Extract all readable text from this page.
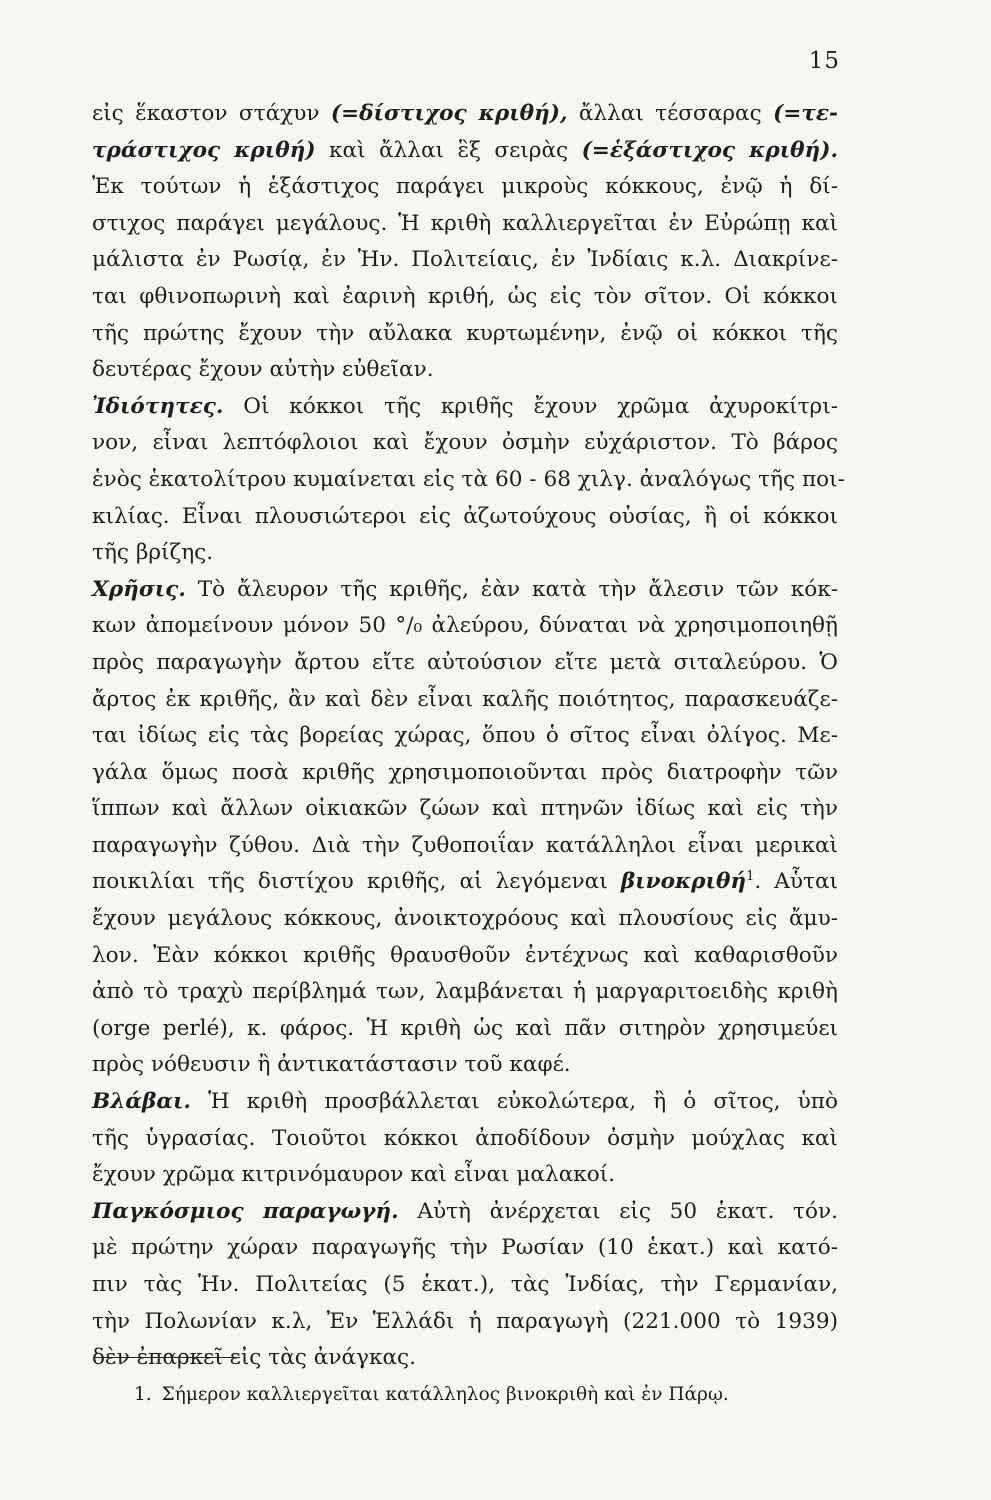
15
εἰς ἕκαστον στάχυν (=δίστιχος κριθή), ἄλλαι τέσσαρας (=τε-
τράστιχος κριθή) καὶ ἄλλαι ἓξ σειρὰς (=ἑξάστιχος κριθή).
Ἐκ τούτων ἡ ἑξάστιχος παράγει μικροὺς κόκκους, ἐνῷ ἡ δί-
στιχος παράγει μεγάλους. Ἡ κριθὴ καλλιεργεῖται ἐν Εὐρώπῃ καὶ
μάλιστα ἐν Ρωσίᾳ, ἐν Ἡν. Πολιτείαις, ἐν Ἰνδίαις κ.λ. Διακρίνε-
ται φθινοπωρινὴ καὶ ἐαρινὴ κριθή, ὡς εἰς τὸν σῖτον. Οἱ κόκκοι
τῆς πρώτης ἔχουν τὴν αὔλακα κυρτωμένην, ἐνῷ οἱ κόκκοι τῆς
δευτέρας ἔχουν αὐτὴν εὐθεῖαν.
Ἰδιότητες. Οἱ κόκκοι τῆς κριθῆς ἔχουν χρῶμα ἀχυροκίτρι-
νον, εἶναι λεπτόφλοιοι καὶ ἔχουν ὀσμὴν εὐχάριστον. Τὸ βάρος
ἑνὸς ἑκατολίτρου κυμαίνεται εἰς τὰ 60 - 68 χιλγ. ἀναλόγως τῆς ποι-
κιλίας. Εἶναι πλουσιώτεροι εἰς ἀζωτούχους οὐσίας, ἢ οἱ κόκκοι
τῆς βρίζης.
Χρῆσις. Τὸ ἄλευρον τῆς κριθῆς, ἐὰν κατὰ τὴν ἄλεσιν τῶν κόκ-
κων ἀπομείνουν μόνον 50 °/₀ ἀλεύρου, δύναται νὰ χρησιμοποιηθῇ
πρὸς παραγωγὴν ἄρτου εἴτε αὐτούσιον εἴτε μετὰ σιταλεύρου. Ὁ
ἄρτος ἐκ κριθῆς, ἂν καὶ δὲν εἶναι καλῆς ποιότητος, παρασκευάζε-
ται ἰδίως εἰς τὰς βορείας χώρας, ὅπου ὁ σῖτος εἶναι ὀλίγος. Με-
γάλα ὅμως ποσὰ κριθῆς χρησιμοποιοῦνται πρὸς διατροφὴν τῶν
ἵππων καὶ ἄλλων οἰκιακῶν ζώων καὶ πτηνῶν ἰδίως καὶ εἰς τὴν
παραγωγὴν ζύθου. Διὰ τὴν ζυθοποιΐαν κατάλληλοι εἶναι μερικαὶ
ποικιλίαι τῆς διστίχου κριθῆς, αἱ λεγόμεναι βινοκριθή$^1$. Αὗται
ἔχουν μεγάλους κόκκους, ἀνοικτοχρόους καὶ πλουσίους εἰς ἄμυ-
λον. Ἐὰν κόκκοι κριθῆς θραυσθοῦν ἐντέχνως καὶ καθαρισθοῦν
ἀπὸ τὸ τραχὺ περίβλημά των, λαμβάνεται ἡ μαργαριτοειδὴς κριθὴ
(orge perlé), κ. φάρος. Ἡ κριθὴ ὡς καὶ πᾶν σιτηρὸν χρησιμεύει
πρὸς νόθευσιν ἢ ἀντικατάστασιν τοῦ καφέ.
Βλάβαι. Ἡ κριθὴ προσβάλλεται εὐκολώτερα, ἢ ὁ σῖτος, ὑπὸ
τῆς ὑγρασίας. Τοιοῦτοι κόκκοι ἀποδίδουν ὀσμὴν μούχλας καὶ
ἔχουν χρῶμα κιτρινόμαυρον καὶ εἶναι μαλακοί.
Παγκόσμιος παραγωγή. Αὐτὴ ἀνέρχεται εἰς 50 ἑκατ. τόν.
μὲ πρώτην χώραν παραγωγῆς τὴν Ρωσίαν (10 ἑκατ.) καὶ κατό-
πιν τὰς Ἡν. Πολιτείας (5 ἑκατ.), τὰς Ἰνδίας, τὴν Γερμανίαν,
τὴν Πολωνίαν κ.λ, Ἐν Ἑλλάδι ἡ παραγωγὴ (221.000 τὸ 1939)
δὲν ἐπαρκεῖ εἰς τὰς ἀνάγκας.
1. Σήμερον καλλιεργεῖται κατάλληλος βινοκριθὴ καὶ ἐν Πάρῳ.
